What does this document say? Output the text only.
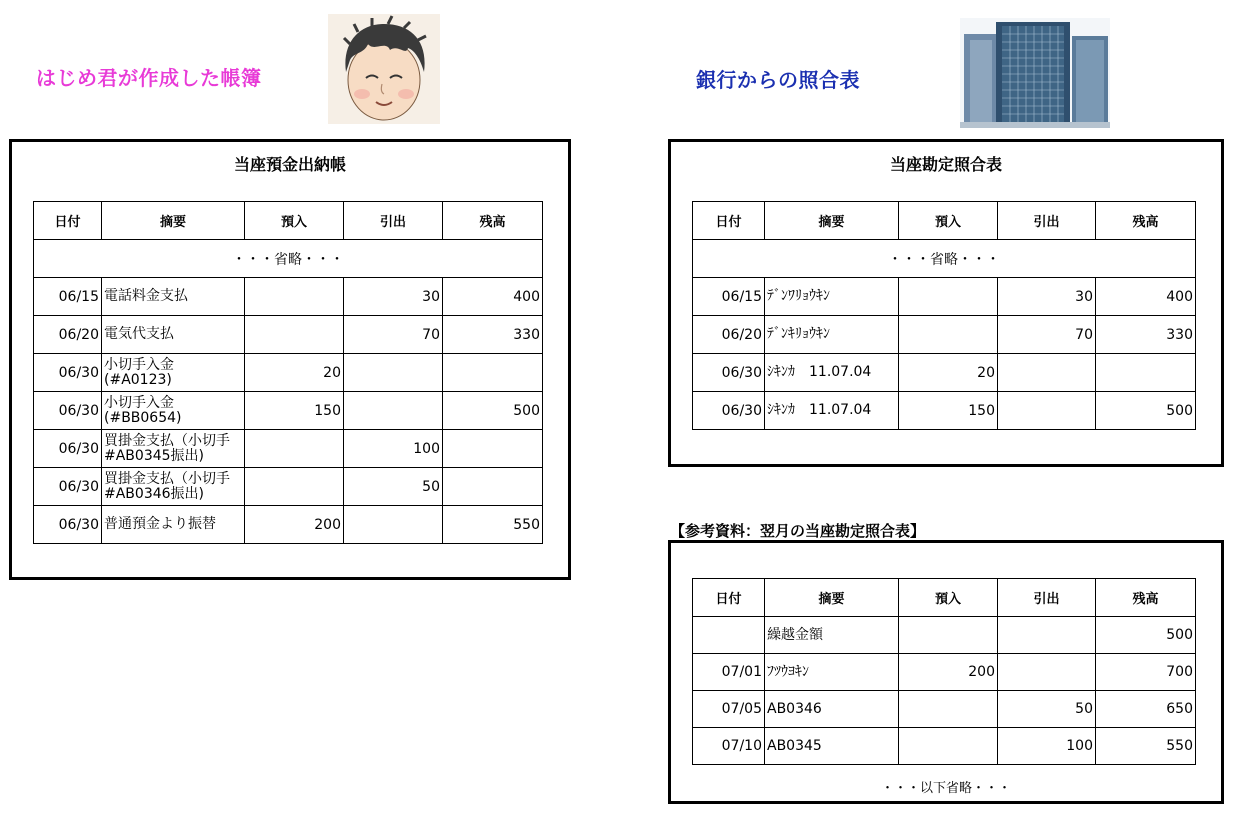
はじめ君が作成した帳簿	銀行からの照合表
当座預金出納帳
日付	摘要	預入	引出	残高
・・・省略・・・				
06/15	電話料金支払		30	400
06/20	電気代支払		70	330
06/30	小切手入金
(#A0123)	20		
06/30	小切手入金
(#BB0654)	150		500
06/30	買掛金支払（小切手
#AB0345振出)		100	
06/30	買掛金支払（小切手
#AB0346振出)		50	
06/30	普通預金より振替	200		550
当座勘定照合表
日付	摘要	預入	引出	残高
・・・省略・・・				
06/15	ﾃﾞﾝﾜﾘｮｳｷﾝ		30	400
06/20	ﾃﾞﾝｷﾘｮｳｷﾝ		70	330
06/30	ｼｷﾝｶ　11.07.04	20		
06/30	ｼｷﾝｶ　11.07.04	150		500
【参考資料：翌月の当座勘定照合表】
日付	摘要	預入	引出	残高
	繰越金額			500
07/01	ﾌﾂｳﾖｷﾝ	200		700
07/05	AB0346		50	650
07/10	AB0345		100	550
・・・以下省略・・・
